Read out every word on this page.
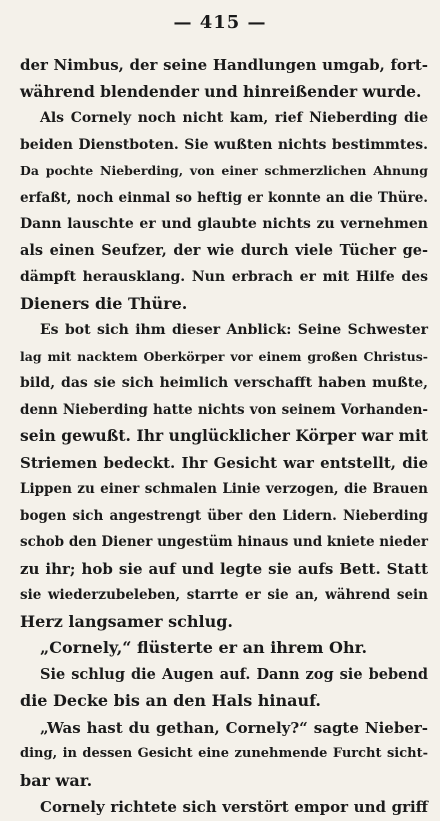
— 415 —
der Nimbus, der seine Handlungen umgab, fort-
während blendender und hinreißender wurde.
Als Cornely noch nicht kam, rief Nieberding die
beiden Dienstboten. Sie wußten nichts bestimmtes.
Da pochte Nieberding, von einer schmerzlichen Ahnung
erfaßt, noch einmal so heftig er konnte an die Thüre.
Dann lauschte er und glaubte nichts zu vernehmen
als einen Seufzer, der wie durch viele Tücher ge-
dämpft herausklang. Nun erbrach er mit Hilfe des
Dieners die Thüre.
Es bot sich ihm dieser Anblick: Seine Schwester
lag mit nacktem Oberkörper vor einem großen Christus-
bild, das sie sich heimlich verschafft haben mußte,
denn Nieberding hatte nichts von seinem Vorhanden-
sein gewußt. Ihr unglücklicher Körper war mit
Striemen bedeckt. Ihr Gesicht war entstellt, die
Lippen zu einer schmalen Linie verzogen, die Brauen
bogen sich angestrengt über den Lidern. Nieberding
schob den Diener ungestüm hinaus und kniete nieder
zu ihr; hob sie auf und legte sie aufs Bett. Statt
sie wiederzubeleben, starrte er sie an, während sein
Herz langsamer schlug.
„Cornely,“ flüsterte er an ihrem Ohr.
Sie schlug die Augen auf. Dann zog sie bebend
die Decke bis an den Hals hinauf.
„Was hast du gethan, Cornely?“ sagte Nieber-
ding, in dessen Gesicht eine zunehmende Furcht sicht-
bar war.
Cornely richtete sich verstört empor und griff
